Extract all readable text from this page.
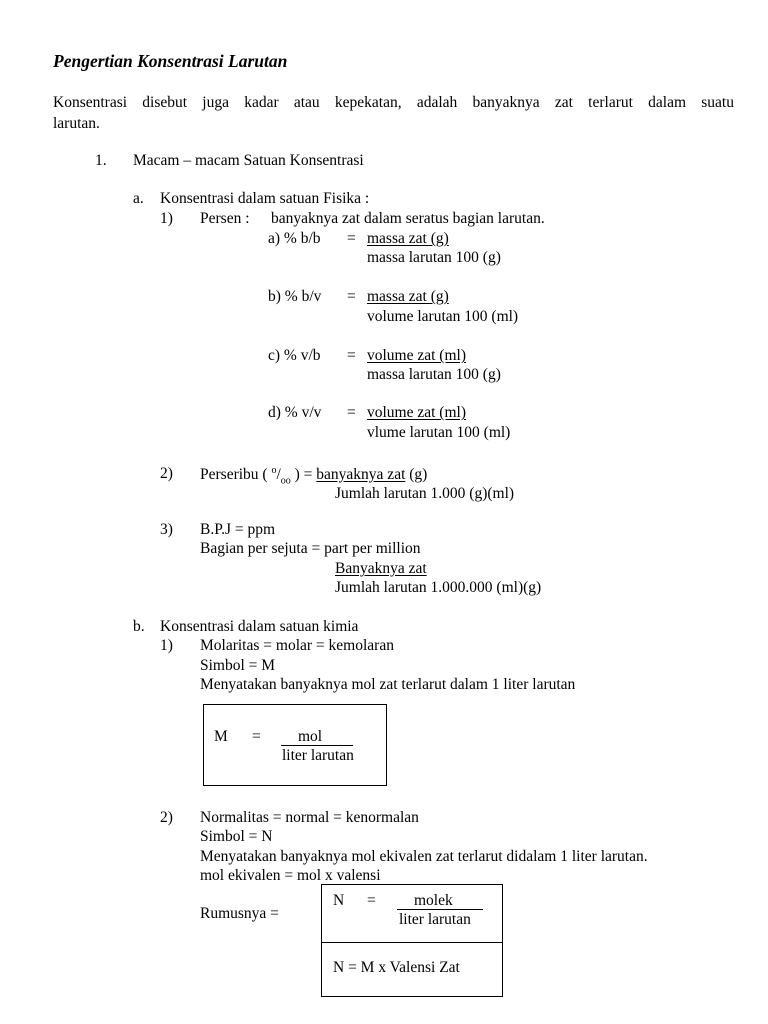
Pengertian Konsentrasi Larutan
Konsentrasi disebut juga kadar atau kepekatan, adalah banyaknya zat terlarut dalam suatu
larutan.
1. Macam – macam Satuan Konsentrasi
a. Konsentrasi dalam satuan Fisika :
1) Persen : banyaknya zat dalam seratus bagian larutan.
a) % b/b = massa zat (g)
massa larutan 100 (g)
b) % b/v = massa zat (g)
volume larutan 100 (ml)
c) % v/b = volume zat (ml)
massa larutan 100 (g)
d) % v/v = volume zat (ml)
vlume larutan 100 (ml)
2) Perseribu ( $^o/_{oo}$ ) = banyaknya zat (g)
Jumlah larutan 1.000 (g)(ml)
3) B.P.J = ppm
Bagian per sejuta = part per million
Banyaknya zat
Jumlah larutan 1.000.000 (ml)(g)
b. Konsentrasi dalam satuan kimia
1) Molaritas = molar = kemolaran
Simbol = M
Menyatakan banyaknya mol zat terlarut dalam 1 liter larutan
M = mol
liter larutan
2) Normalitas = normal = kenormalan
Simbol = N
Menyatakan banyaknya mol ekivalen zat terlarut didalam 1 liter larutan.
mol ekivalen = mol x valensi
Rumusnya =
N = molek
liter larutan
N = M x Valensi Zat
